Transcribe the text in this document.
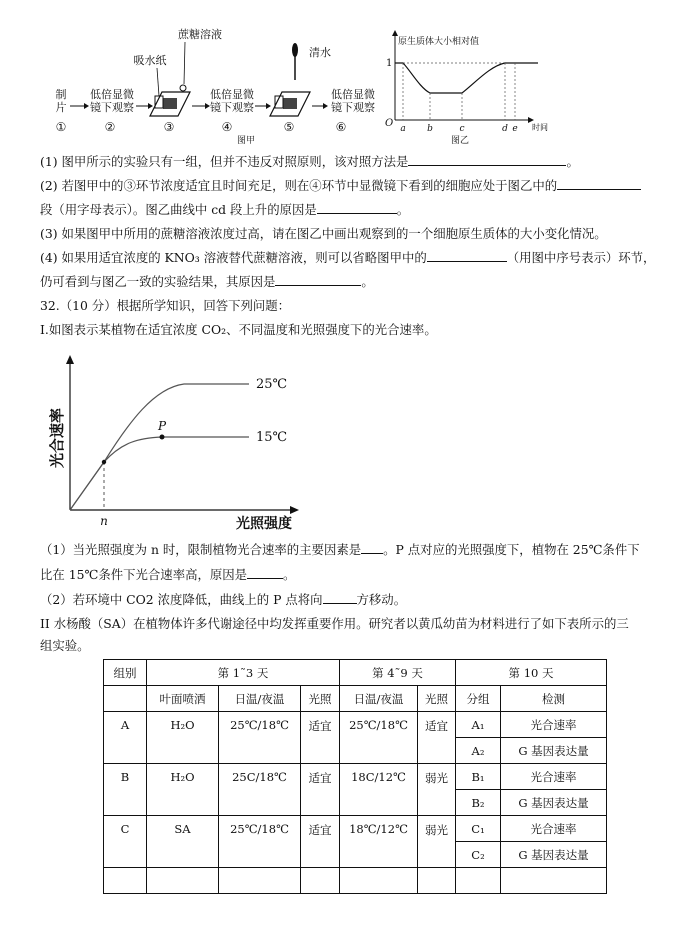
制
片
①
低倍显微
镜下观察
②
吸水纸
蔗糖溶液
③
低倍显微
镜下观察
④
清水
⑤
低倍显微
镜下观察
⑥
图甲
原生质体大小相对值
1
O a b	c	d e 时间
图乙
(1) 图甲所示的实验只有一组，但并不违反对照原则，该对照方法是	。
(2) 若图甲中的③环节浓度适宜且时间充足，则在④环节中显微镜下看到的细胞应处于图乙中的
段（用字母表示）。图乙曲线中 cd 段上升的原因是	。
(3) 如果图甲中所用的蔗糖溶液浓度过高，请在图乙中画出观察到的一个细胞原生质体的大小变化情况。
(4) 如果用适宜浓度的 KNO₃ 溶液替代蔗糖溶液，则可以省略图甲中的	（用图中序号表示）环节，
仍可看到与图乙一致的实验结果，其原因是	。
32.（10 分）根据所学知识，回答下列问题：
I.如图表示某植物在适宜浓度 CO₂、不同温度和光照强度下的光合速率。
光合速率
光照强度
P
n
25℃
15℃
（1）当光照强度为 n 时，限制植物光合速率的主要因素是 。P 点对应的光照强度下，植物在 25℃条件下
比在 15℃条件下光合速率高，原因是	。
（2）若环境中 CO2 浓度降低，曲线上的 P 点将向	方移动。
II 水杨酸（SA）在植物体许多代谢途径中均发挥重要作用。研究者以黄瓜幼苗为材料进行了如下表所示的三
组实验。
组别	第 1˜3 天			第 4˜9 天		第 10 天	
	叶面喷洒	日温/夜温	光照	日温/夜温	光照	分组	检测
A	H₂O	25℃/18℃	适宜	25℃/18℃	适宜	A₁	光合速率
						A₂	G 基因表达量
B	H₂O	25C/18℃	适宜	18C/12℃	弱光	B₁	光合速率
						B₂	G 基因表达量
C	SA	25℃/18℃	适宜	18℃/12℃	弱光	C₁	光合速率
						C₂	G 基因表达量
